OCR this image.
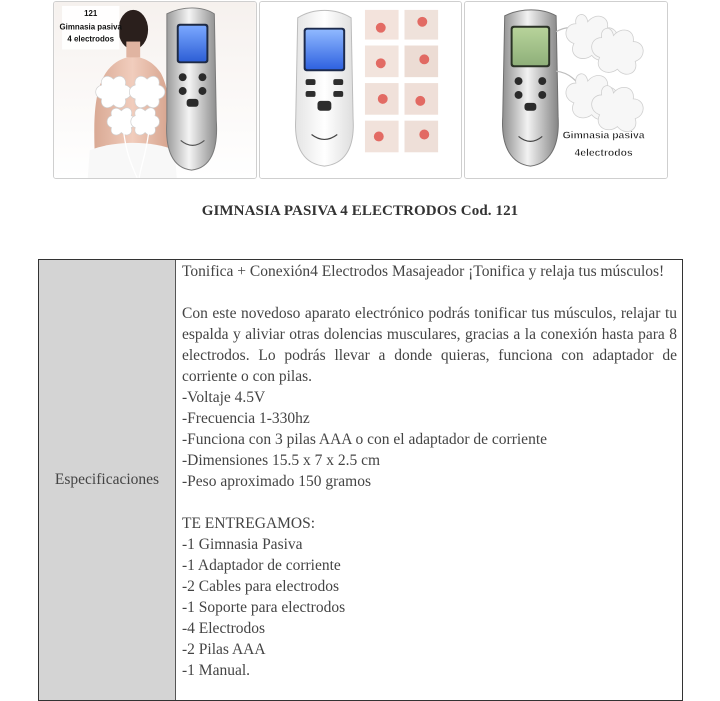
121
Gimnasia pasiva
4 electrodos
Gimnasia pasiva
4electrodos
GIMNASIA PASIVA 4 ELECTRODOS Cod. 121
Especificaciones

Tonifica + Conexión4 Electrodos Masajeador ¡Tonifica y relaja tus músculos!

Con este novedoso aparato electrónico podrás tonificar tus músculos, relajar tu espalda y aliviar otras dolencias musculares, gracias a la conexión hasta para 8 electrodos. Lo podrás llevar a donde quieras, funciona con adaptador de corriente o con pilas.

-Voltaje 4.5V
-Frecuencia 1-330hz
-Funciona con 3 pilas AAA o con el adaptador de corriente
-Dimensiones 15.5 x 7 x 2.5 cm
-Peso aproximado 150 gramos

TE ENTREGAMOS:

-1 Gimnasia Pasiva
-1 Adaptador de corriente
-2 Cables para electrodos
-1 Soporte para electrodos
-4 Electrodos
-2 Pilas AAA
-1 Manual.
